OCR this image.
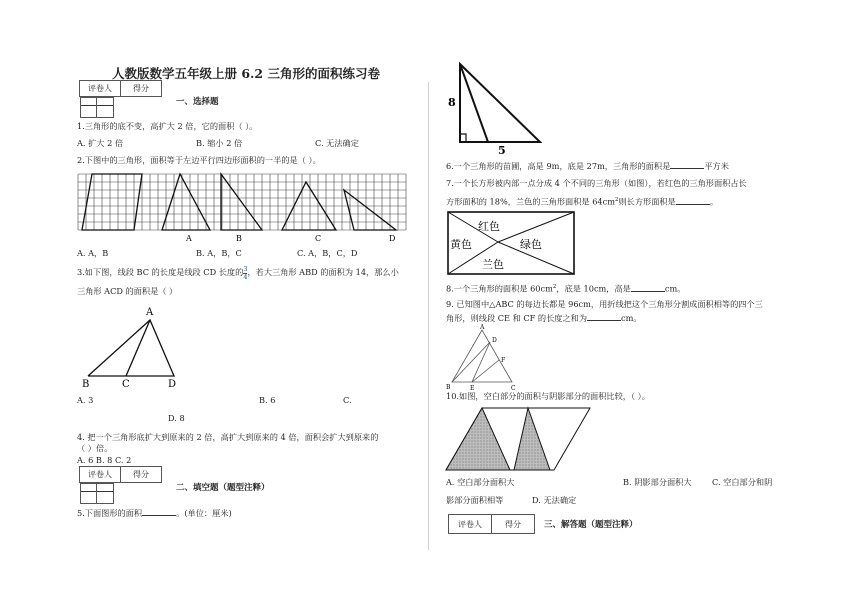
人教版数学五年级上册 6.2 三角形的面积练习卷
评卷人	得分

一、选择题
1.三角形的底不变，高扩大 2 倍，它的面积（ ）。
A. 扩大 2 倍	B. 缩小 2 倍	C. 无法确定
2.下图中的三角形，面积等于左边平行四边形面积的一半的是（ ）。
A	B	C	D
A. A，B	B. A，B，C	C. A，B，C，D
3.如下图，线段 BC 的长度是线段 CD 长度的 $\frac{3}{4}$ ，若大三角形 ABD 的面积为 14，那么小
三角形 ACD 的面积是（ ）
A
B	C	D
A. 3	B. 6	C.
D. 8
4. 把一个三角形底扩大到原来的 2 倍，高扩大到原来的 4 倍，面积会扩大到原来的
（ ）倍。
A. 6 B. 8 C. 2
评卷人	得分

二、填空题（题型注释）
5.下面图形的面积	。(单位：厘米)
8
5
6.一个三角形的苗圃，高是 9m，底是 27m，三角形的面积是	平方米
7.一个长方形被内部一点分成 4 个不同的三角形（如图），若红色的三角形面积占长
方形面积的 18%，兰色的三角形面积是 $64cm^2$则长方形面积是	。
红色
黄色	绿色
兰色
8.一个三角形的面积是 $60cm^2$，底是 10cm，高是	cm。
9. 已知图中△ABC 的每边长都是 96cm，用折线把这个三角形分割成面积相等的四个三
角形，则线段 CE 和 CF 的长度之和为	cm。
A
D
F
B	E	C
10.如图，空白部分的面积与阴影部分的面积比较，（ ）。
A. 空白部分面积大	B. 阴影部分面积大 C. 空白部分和阴
影部分面积相等	D. 无法确定
评卷人	得分	三、解答题（题型注释）
